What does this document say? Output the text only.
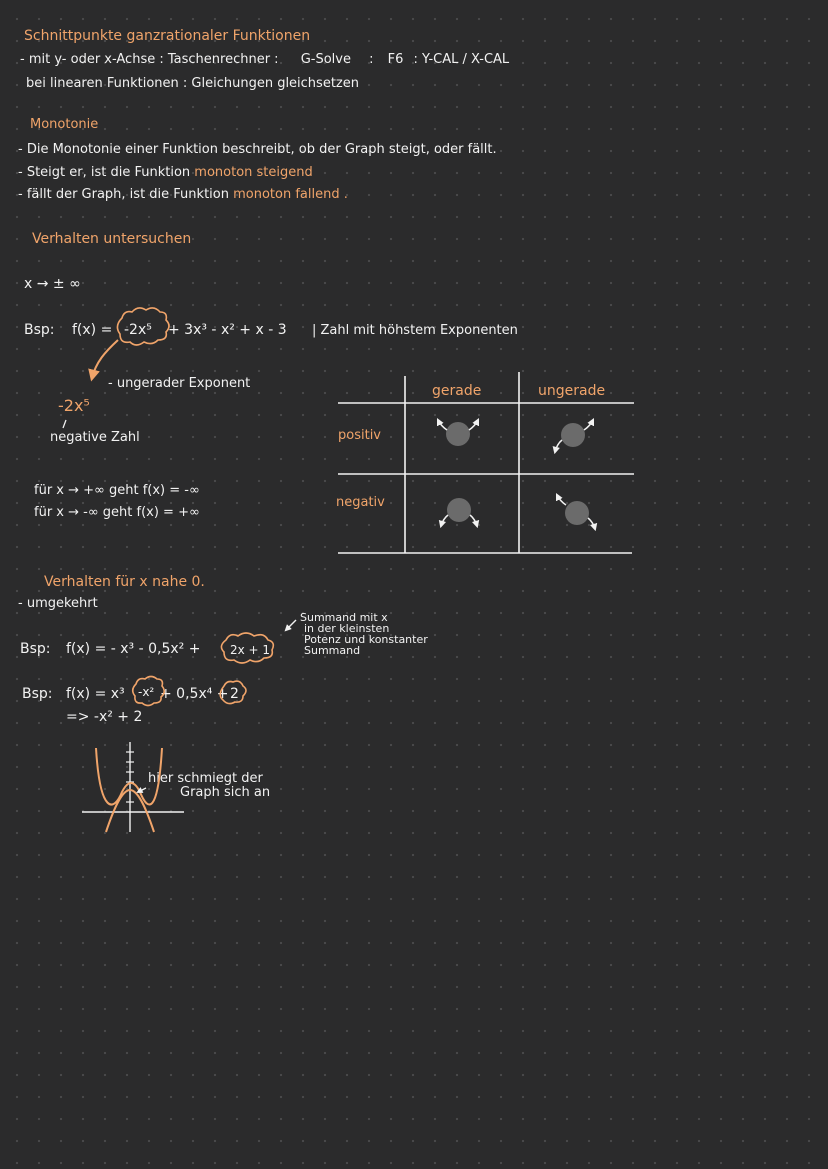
Schnittpunkte ganzrationaler Funktionen
- mit y- oder x-Achse : Taschenrechner : G-Solve : F6 : Y-CAL / X-CAL
bei linearen Funktionen : Gleichungen gleichsetzen
Monotonie
- Die Monotonie einer Funktion beschreibt, ob der Graph steigt, oder fällt.
- Steigt er, ist die Funktion monoton steigend
- fällt der Graph, ist die Funktion monoton fallend .
Verhalten untersuchen
x → ± ∞
Bsp: f(x) = -2x⁵ + 3x³ - x² + x - 3 | Zahl mit höhstem Exponenten
- ungerader Exponent
-2x⁵
negative Zahl
für x → +∞ geht f(x) = -∞
für x → -∞ geht f(x) = +∞
gerade	ungerade
positiv
negativ
Verhalten für x nahe 0.
- umgekehrt
Summand mit x
in der kleinsten
Potenz und konstanter
Summand
Bsp: f(x) = - x³ - 0,5x² + 2x + 1
Bsp: f(x) = x³ -x² + 0,5x⁴ + 2
=> -x² + 2
hier schmiegt der
Graph sich an
